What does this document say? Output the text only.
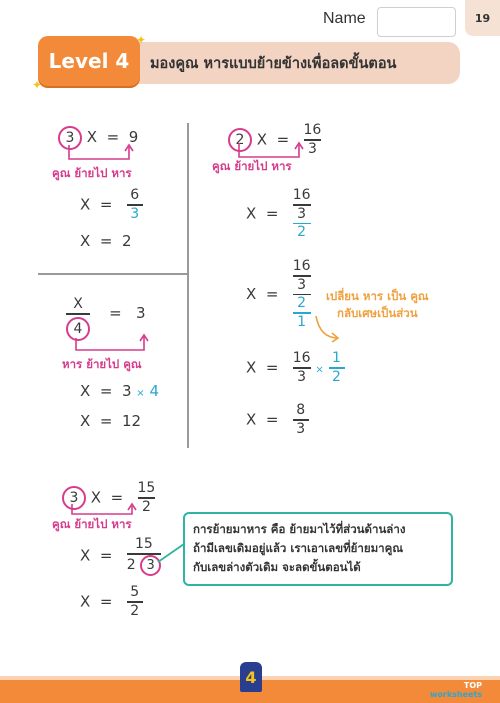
Name	19
Level 4
✦
✦
มองคูณ หารแบบย้ายข้างเพื่อลดขั้นตอน
3 X = 9
คูณ ย้ายไป หาร
$X = \frac{6}{3}$
X = 2
2 $X = \frac{16}{3}$
คูณ ย้ายไป หาร
X =
16
3
2
X =
16
3
2
1
เปลี่ยน หาร เป็น คูณ
กลับเศษเป็นส่วน
$X = \frac{16}{3} \times \frac{1}{2}$
$X = \frac{8}{3}$
$\frac{X}{4} = 3$
หาร ย้ายไป คูณ
X = 3 × 4
X = 12
3 $X = \frac{15}{2}$
คูณ ย้ายไป หาร
$X = \frac{15}{2 3}$
$X = \frac{5}{2}$
การย้ายมาหาร คือ ย้ายมาไว้ที่ส่วนด้านล่าง
ถ้ามีเลขเดิมอยู่แล้ว เราเอาเลขที่ย้ายมาคูณ
กับเลขล่างตัวเดิม จะลดขั้นตอนได้
4	TOP
worksheets
